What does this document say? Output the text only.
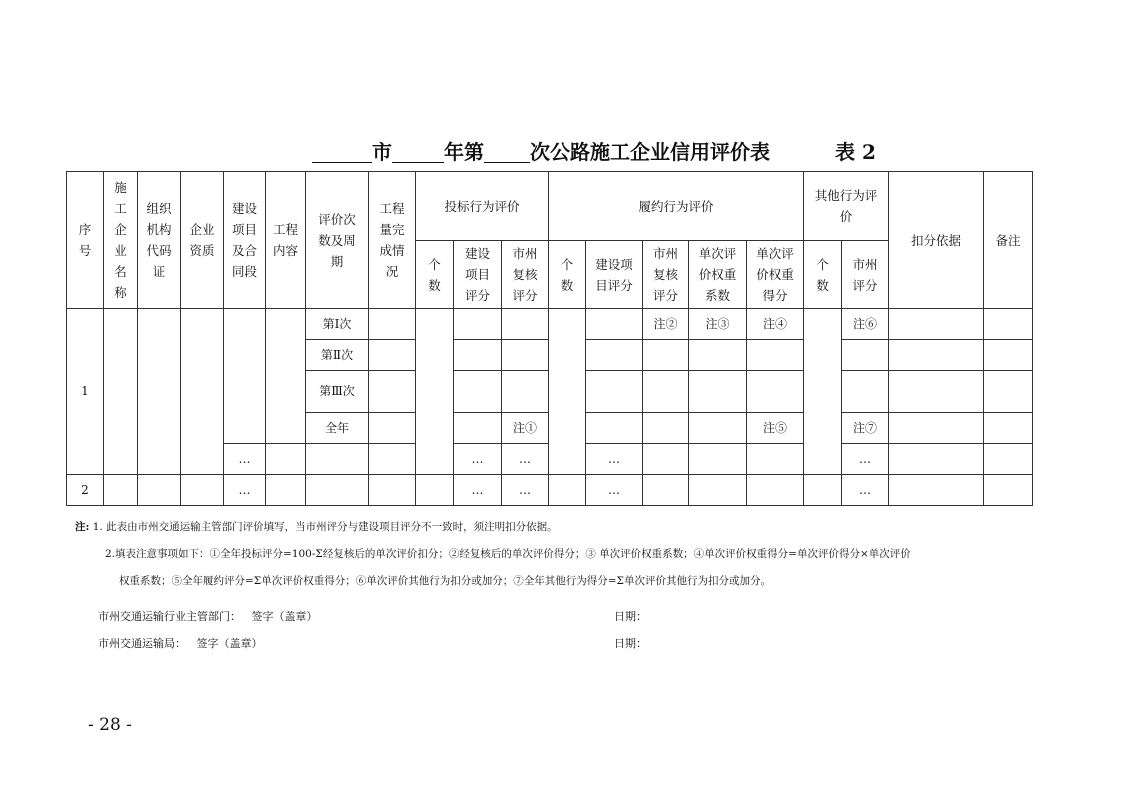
市	年第 次公路施工企业信用评价表	表 2
序号	施工企业名称	组织机构代码证	企业资质	建设项目及合同段	工程内容	评价次数及周期	工程量完成情况	投标行为评价			履约行为评价					其他行为评价		扣分依据	备注

								个数	建设项目评分	市州复核评分	个数	建设项目评分	市州复核评分	单次评价权重系数	单次评价权重得分	个数	市州评分		

1						第Ⅰ次							注②	注③	注④		注⑥		
						第Ⅱ次													
						第Ⅲ次													
						全年				注①					注⑤		注⑦		
				…					…	…		…					…		
2				…					…	…		…					…		
注: 1. 此表由市州交通运输主管部门评价填写，当市州评分与建设项目评分不一致时，须注明扣分依据。
2.填表注意事项如下：①全年投标评分=100-Σ经复核后的单次评价扣分；②经复核后的单次评价得分；③ 单次评价权重系数；④单次评价权重得分=单次评价得分×单次评价
权重系数；⑤全年履约评分=Σ单次评价权重得分；⑥单次评价其他行为扣分或加分；⑦全年其他行为得分=Σ单次评价其他行为扣分或加分。
市州交通运输行业主管部门：   签字（盖章）	日期：
市州交通运输局：   签字（盖章）	日期：
- 28 -
